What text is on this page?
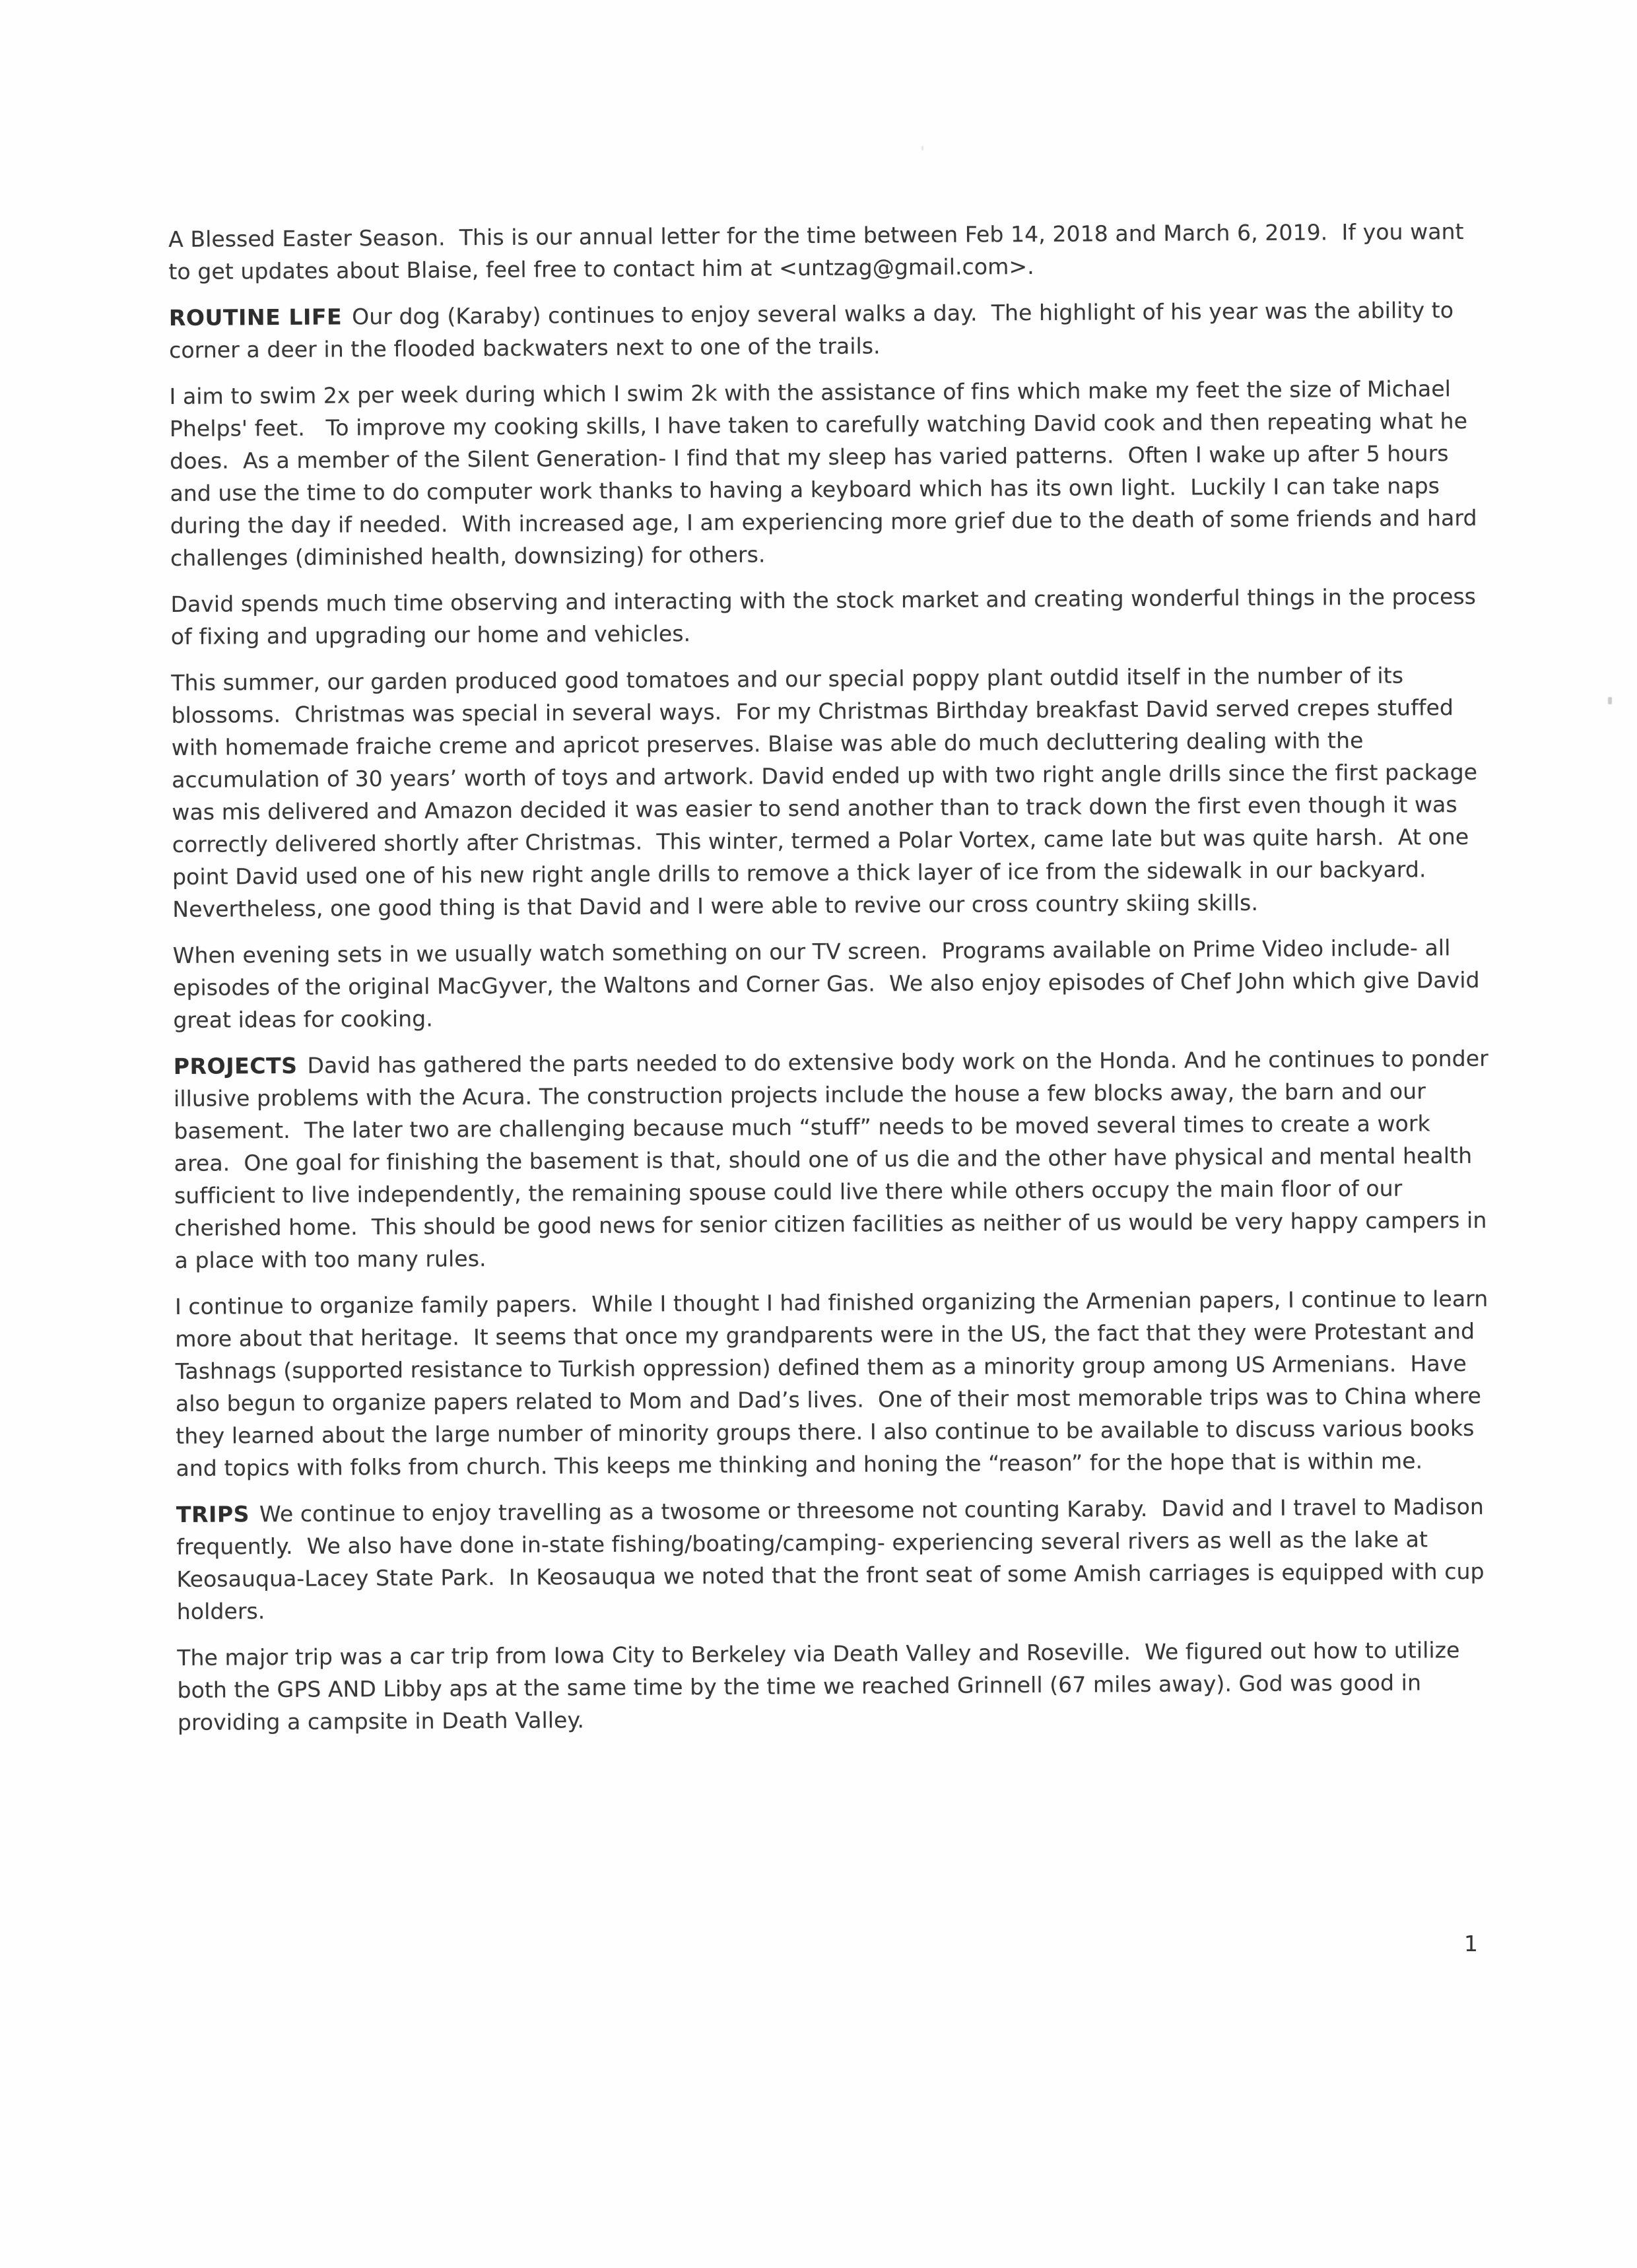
A Blessed Easter Season.  This is our annual letter for the time between Feb 14, 2018 and March 6, 2019.  If you want to get updates about Blaise, feel free to contact him at <untzag@gmail.com>.

ROUTINE LIFE Our dog (Karaby) continues to enjoy several walks a day.  The highlight of his year was the ability to corner a deer in the flooded backwaters next to one of the trails.

I aim to swim 2x per week during which I swim 2k with the assistance of fins which make my feet the size of Michael Phelps' feet.   To improve my cooking skills, I have taken to carefully watching David cook and then repeating what he does.  As a member of the Silent Generation- I find that my sleep has varied patterns.  Often I wake up after 5 hours and use the time to do computer work thanks to having a keyboard which has its own light.  Luckily I can take naps during the day if needed.  With increased age, I am experiencing more grief due to the death of some friends and hard challenges (diminished health, downsizing) for others.

David spends much time observing and interacting with the stock market and creating wonderful things in the process of fixing and upgrading our home and vehicles.

This summer, our garden produced good tomatoes and our special poppy plant outdid itself in the number of its blossoms.  Christmas was special in several ways.  For my Christmas Birthday breakfast David served crepes stuffed with homemade fraiche creme and apricot preserves. Blaise was able do much decluttering dealing with the accumulation of 30 years’ worth of toys and artwork. David ended up with two right angle drills since the first package was mis delivered and Amazon decided it was easier to send another than to track down the first even though it was correctly delivered shortly after Christmas.  This winter, termed a Polar Vortex, came late but was quite harsh.  At one point David used one of his new right angle drills to remove a thick layer of ice from the sidewalk in our backyard.  Nevertheless, one good thing is that David and I were able to revive our cross country skiing skills.

When evening sets in we usually watch something on our TV screen.  Programs available on Prime Video include- all episodes of the original MacGyver, the Waltons and Corner Gas.  We also enjoy episodes of Chef John which give David great ideas for cooking.

PROJECTS David has gathered the parts needed to do extensive body work on the Honda. And he continues to ponder illusive problems with the Acura. The construction projects include the house a few blocks away, the barn and our basement.  The later two are challenging because much “stuff” needs to be moved several times to create a work area.  One goal for finishing the basement is that, should one of us die and the other have physical and mental health sufficient to live independently, the remaining spouse could live there while others occupy the main floor of our cherished home.  This should be good news for senior citizen facilities as neither of us would be very happy campers in a place with too many rules.

I continue to organize family papers.  While I thought I had finished organizing the Armenian papers, I continue to learn more about that heritage.  It seems that once my grandparents were in the US, the fact that they were Protestant and Tashnags (supported resistance to Turkish oppression) defined them as a minority group among US Armenians.  Have also begun to organize papers related to Mom and Dad’s lives.  One of their most memorable trips was to China where they learned about the large number of minority groups there. I also continue to be available to discuss various books and topics with folks from church. This keeps me thinking and honing the “reason” for the hope that is within me.

TRIPS We continue to enjoy travelling as a twosome or threesome not counting Karaby.  David and I travel to Madison frequently.  We also have done in-state fishing/boating/camping- experiencing several rivers as well as the lake at Keosauqua-Lacey State Park.  In Keosauqua we noted that the front seat of some Amish carriages is equipped with cup holders.

The major trip was a car trip from Iowa City to Berkeley via Death Valley and Roseville.  We figured out how to utilize both the GPS AND Libby aps at the same time by the time we reached Grinnell (67 miles away). God was good in providing a campsite in Death Valley.

1
